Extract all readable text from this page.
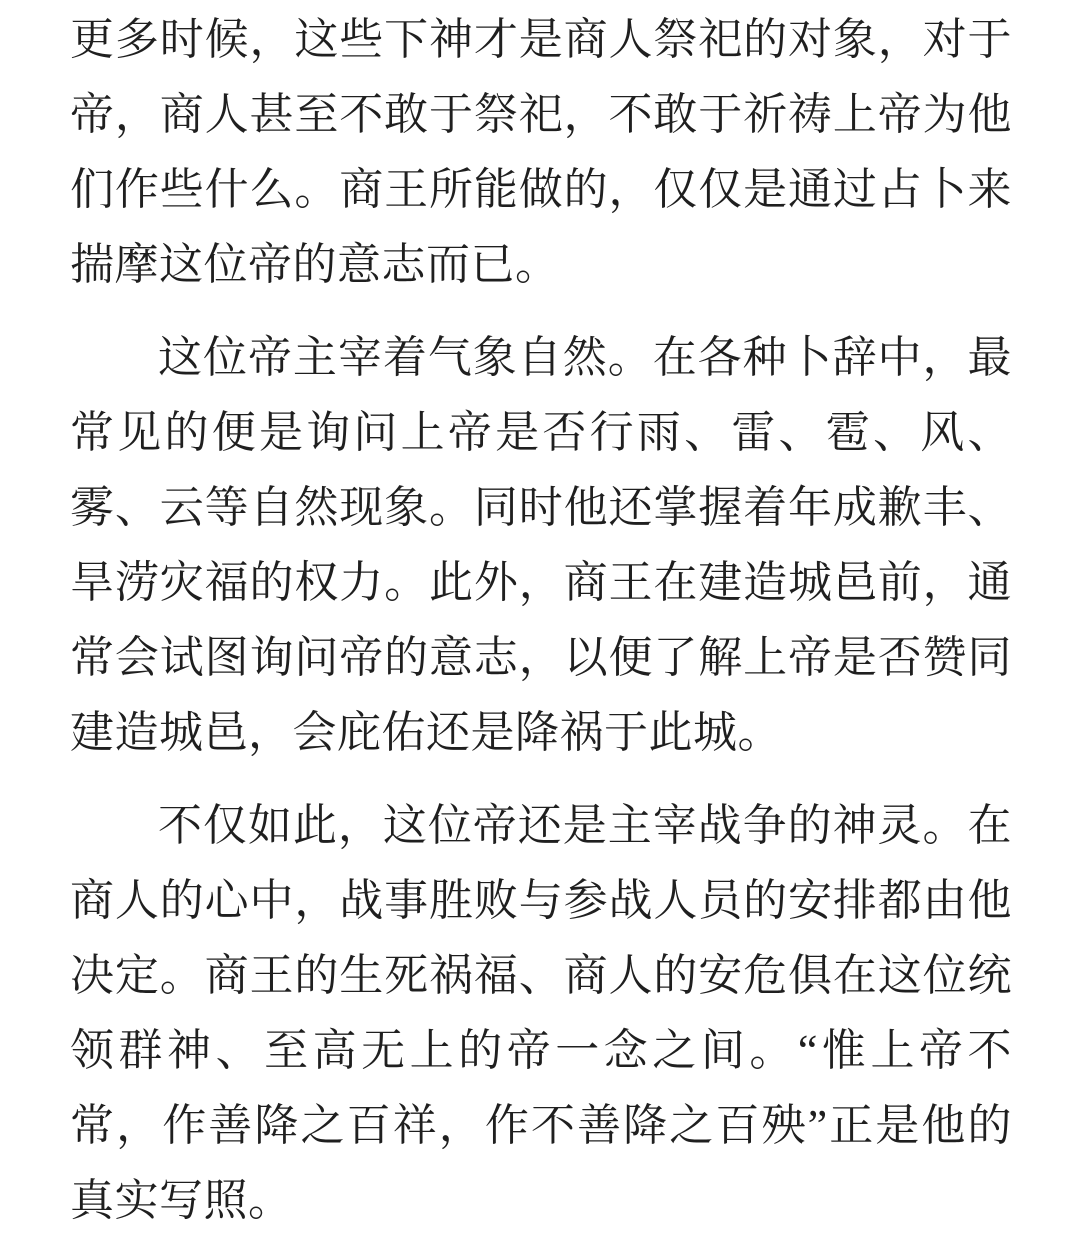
更多时候，这些下神才是商人祭祀的对象，对于帝，商人甚至不敢于祭祀，不敢于祈祷上帝为他们作些什么。商王所能做的，仅仅是通过占卜来揣摩这位帝的意志而已。

这位帝主宰着气象自然。在各种卜辞中，最常见的便是询问上帝是否行雨、雷、雹、风、雾、云等自然现象。同时他还掌握着年成歉丰、旱涝灾福的权力。此外，商王在建造城邑前，通常会试图询问帝的意志，以便了解上帝是否赞同建造城邑，会庇佑还是降祸于此城。

不仅如此，这位帝还是主宰战争的神灵。在商人的心中，战事胜败与参战人员的安排都由他决定。商王的生死祸福、商人的安危俱在这位统领群神、至高无上的帝一念之间。“惟上帝不常，作善降之百祥，作不善降之百殃”正是他的真实写照。
